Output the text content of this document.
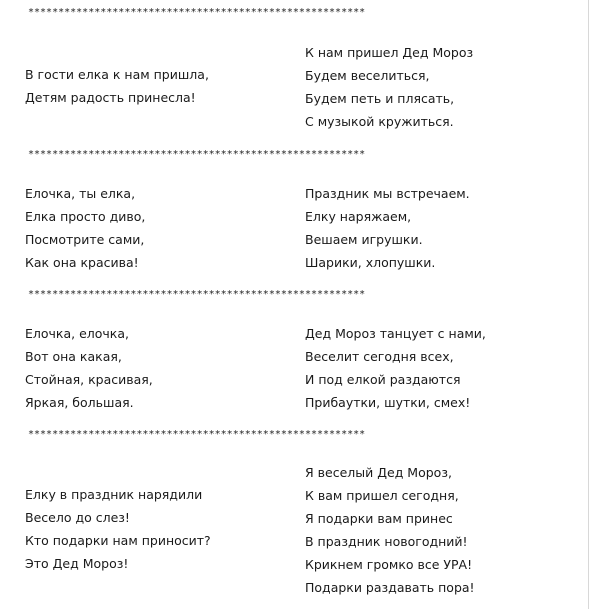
********************************************************
В гости елка к нам пришла,
Детям радость принесла!
К нам пришел Дед Мороз
Будем веселиться,
Будем петь и плясать,
С музыкой кружиться.
********************************************************
Елочка, ты елка,
Елка просто диво,
Посмотрите сами,
Как она красива!
Праздник мы встречаем.
Елку наряжаем,
Вешаем игрушки.
Шарики, хлопушки.
********************************************************
Елочка, елочка,
Вот она какая,
Стойная, красивая,
Яркая, большая.
Дед Мороз танцует с нами,
Веселит сегодня всех,
И под елкой раздаются
Прибаутки, шутки, смех!
********************************************************
Елку в праздник нарядили
Весело до слез!
Кто подарки нам приносит?
Это Дед Мороз!
Я веселый Дед Мороз,
К вам пришел сегодня,
Я подарки вам принес
В праздник новогодний!
Крикнем громко все УРА!
Подарки раздавать пора!
